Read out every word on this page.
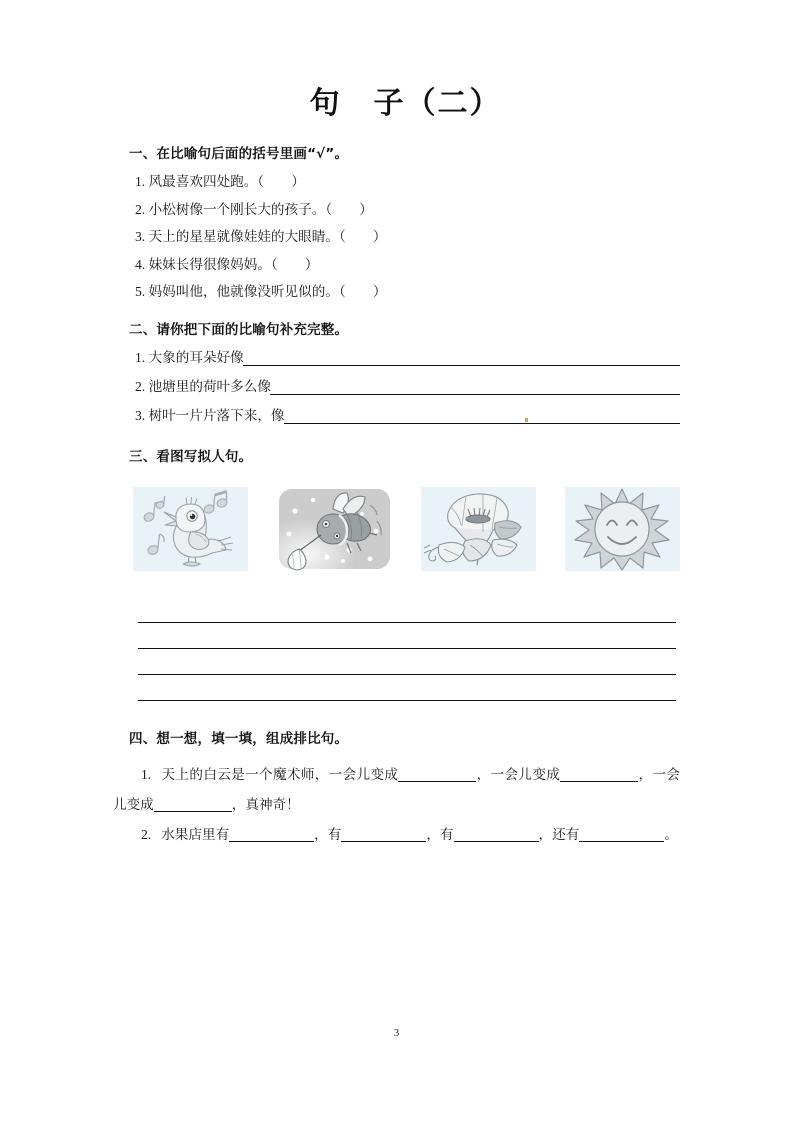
句　子（二）
一、在比喻句后面的括号里画“√”。

1. 风最喜欢四处跑。（　　）

2. 小松树像一个刚长大的孩子。（　　）

3. 天上的星星就像娃娃的大眼睛。（　　）

4. 妹妹长得很像妈妈。（　　）

5. 妈妈叫他，他就像没听见似的。（　　）

二、请你把下面的比喻句补充完整。
1. 大象的耳朵好像
2. 池塘里的荷叶多么像
3. 树叶一片片落下来，像
三、看图写拟人句。
四、想一想，填一填，组成排比句。

1. 天上的白云是一个魔术师，一会儿变成	，一会儿变成	，一会儿变成	，真神奇！

2. 水果店里有	，有	，有	，还有	。

3
